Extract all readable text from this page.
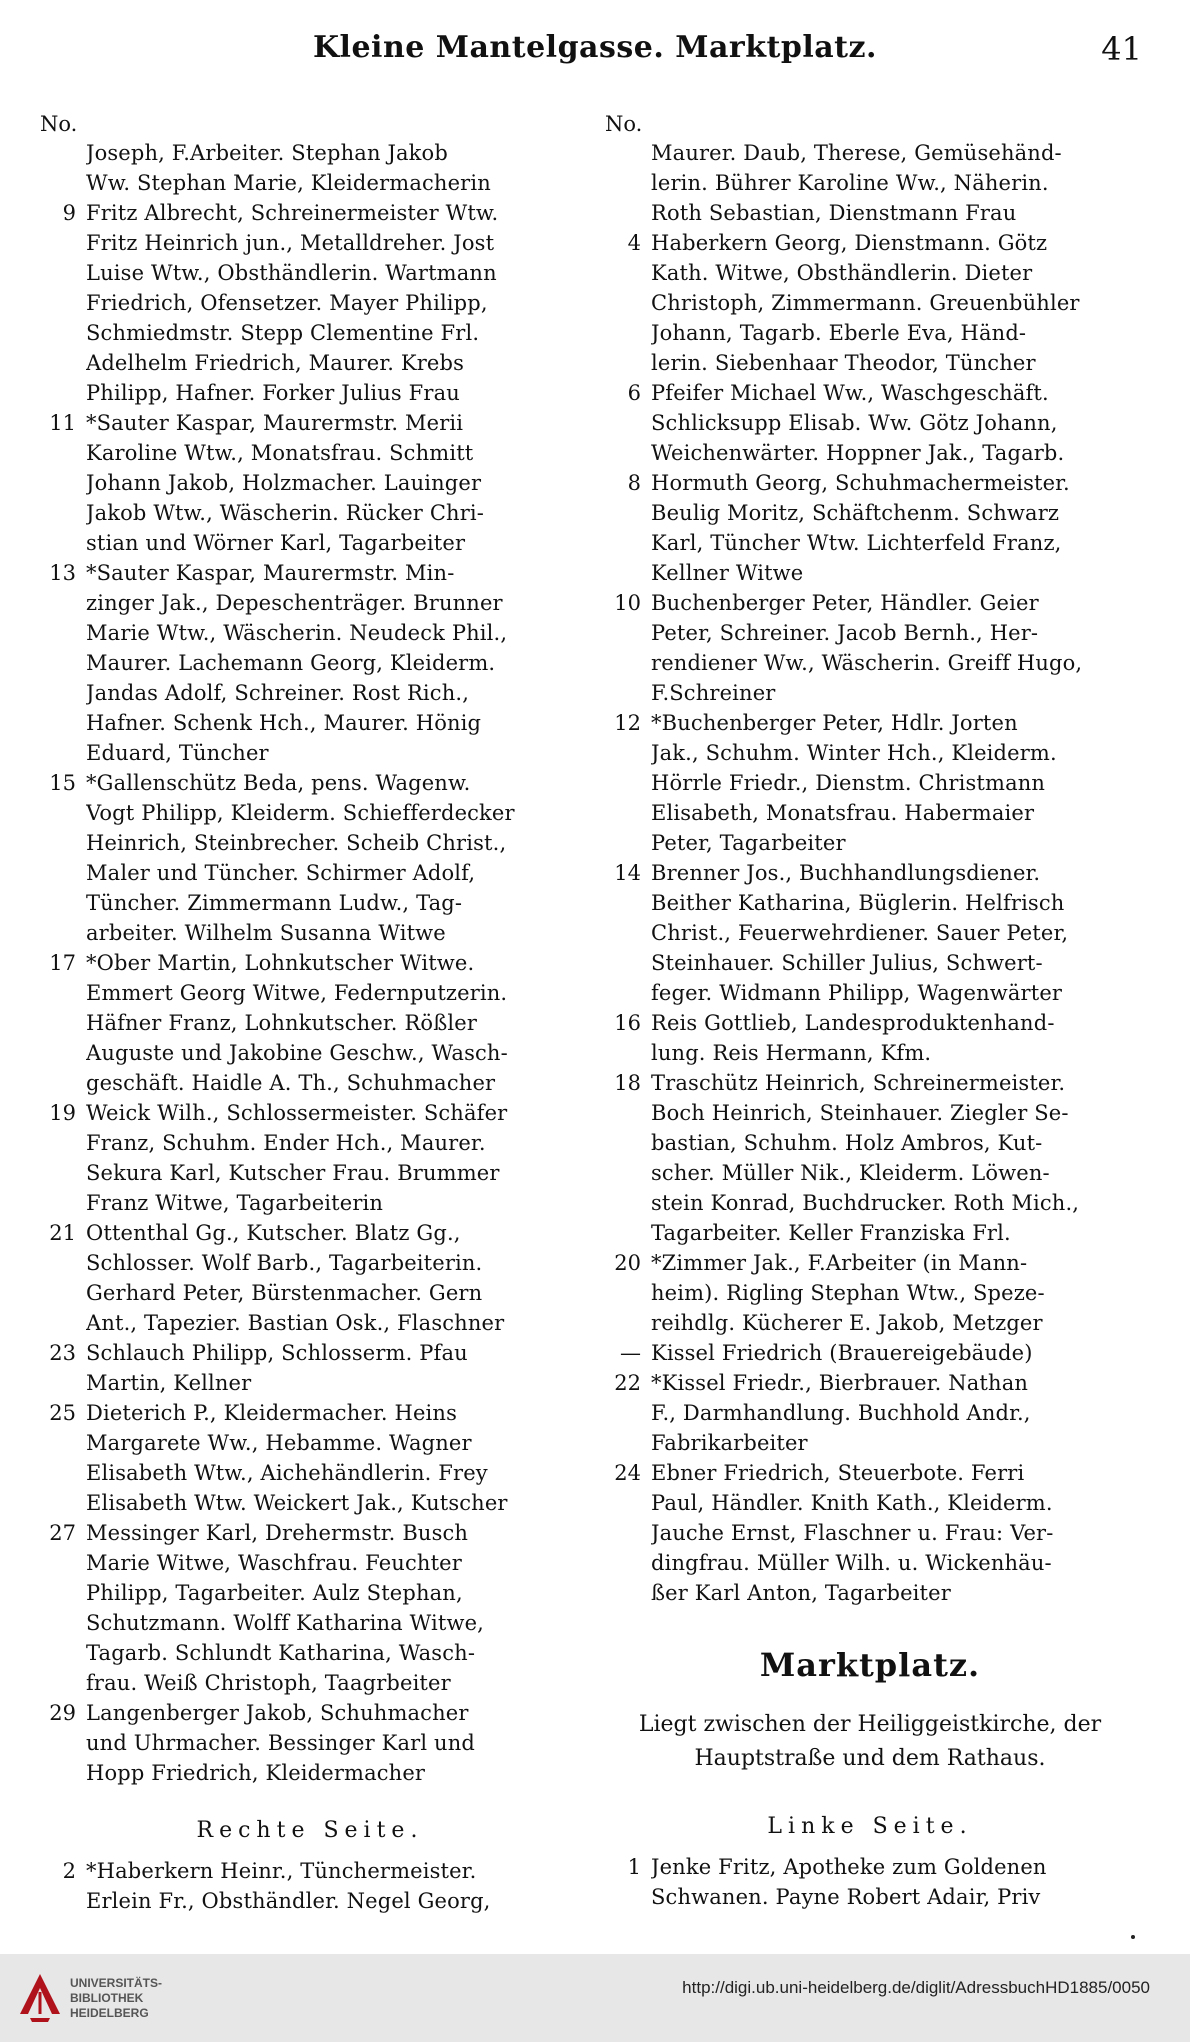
Kleine Mantelgasse. Marktplatz.	41
No.
Joseph, F.Arbeiter. Stephan Jakob
Ww. Stephan Marie, Kleidermacherin
9 Fritz Albrecht, Schreinermeister Wtw.
Fritz Heinrich jun., Metalldreher. Jost
Luise Wtw., Obsthändlerin. Wartmann
Friedrich, Ofensetzer. Mayer Philipp,
Schmiedmstr. Stepp Clementine Frl.
Adelhelm Friedrich, Maurer. Krebs
Philipp, Hafner. Forker Julius Frau
11 *Sauter Kaspar, Maurermstr. Merii
Karoline Wtw., Monatsfrau. Schmitt
Johann Jakob, Holzmacher. Lauinger
Jakob Wtw., Wäscherin. Rücker Chri-
stian und Wörner Karl, Tagarbeiter
13 *Sauter Kaspar, Maurermstr. Min-
zinger Jak., Depeschenträger. Brunner
Marie Wtw., Wäscherin. Neudeck Phil.,
Maurer. Lachemann Georg, Kleiderm.
Jandas Adolf, Schreiner. Rost Rich.,
Hafner. Schenk Hch., Maurer. Hönig
Eduard, Tüncher
15 *Gallenschütz Beda, pens. Wagenw.
Vogt Philipp, Kleiderm. Schiefferdecker
Heinrich, Steinbrecher. Scheib Christ.,
Maler und Tüncher. Schirmer Adolf,
Tüncher. Zimmermann Ludw., Tag-
arbeiter. Wilhelm Susanna Witwe
17 *Ober Martin, Lohnkutscher Witwe.
Emmert Georg Witwe, Federnputzerin.
Häfner Franz, Lohnkutscher. Rößler
Auguste und Jakobine Geschw., Wasch-
geschäft. Haidle A. Th., Schuhmacher
19 Weick Wilh., Schlossermeister. Schäfer
Franz, Schuhm. Ender Hch., Maurer.
Sekura Karl, Kutscher Frau. Brummer
Franz Witwe, Tagarbeiterin
21 Ottenthal Gg., Kutscher. Blatz Gg.,
Schlosser. Wolf Barb., Tagarbeiterin.
Gerhard Peter, Bürstenmacher. Gern
Ant., Tapezier. Bastian Osk., Flaschner
23 Schlauch Philipp, Schlosserm. Pfau
Martin, Kellner
25 Dieterich P., Kleidermacher. Heins
Margarete Ww., Hebamme. Wagner
Elisabeth Wtw., Aichehändlerin. Frey
Elisabeth Wtw. Weickert Jak., Kutscher
27 Messinger Karl, Drehermstr. Busch
Marie Witwe, Waschfrau. Feuchter
Philipp, Tagarbeiter. Aulz Stephan,
Schutzmann. Wolff Katharina Witwe,
Tagarb. Schlundt Katharina, Wasch-
frau. Weiß Christoph, Taagrbeiter
29 Langenberger Jakob, Schuhmacher
und Uhrmacher. Bessinger Karl und
Hopp Friedrich, Kleidermacher
Rechte Seite.
2 *Haberkern Heinr., Tünchermeister.
Erlein Fr., Obsthändler. Negel Georg,
No.
Maurer. Daub, Therese, Gemüsehänd-
lerin. Bührer Karoline Ww., Näherin.
Roth Sebastian, Dienstmann Frau
4 Haberkern Georg, Dienstmann. Götz
Kath. Witwe, Obsthändlerin. Dieter
Christoph, Zimmermann. Greuenbühler
Johann, Tagarb. Eberle Eva, Händ-
lerin. Siebenhaar Theodor, Tüncher
6 Pfeifer Michael Ww., Waschgeschäft.
Schlicksupp Elisab. Ww. Götz Johann,
Weichenwärter. Hoppner Jak., Tagarb.
8 Hormuth Georg, Schuhmachermeister.
Beulig Moritz, Schäftchenm. Schwarz
Karl, Tüncher Wtw. Lichterfeld Franz,
Kellner Witwe
10 Buchenberger Peter, Händler. Geier
Peter, Schreiner. Jacob Bernh., Her-
rendiener Ww., Wäscherin. Greiff Hugo,
F.Schreiner
12 *Buchenberger Peter, Hdlr. Jorten
Jak., Schuhm. Winter Hch., Kleiderm.
Hörrle Friedr., Dienstm. Christmann
Elisabeth, Monatsfrau. Habermaier
Peter, Tagarbeiter
14 Brenner Jos., Buchhandlungsdiener.
Beither Katharina, Büglerin. Helfrisch
Christ., Feuerwehrdiener. Sauer Peter,
Steinhauer. Schiller Julius, Schwert-
feger. Widmann Philipp, Wagenwärter
16 Reis Gottlieb, Landesproduktenhand-
lung. Reis Hermann, Kfm.
18 Traschütz Heinrich, Schreinermeister.
Boch Heinrich, Steinhauer. Ziegler Se-
bastian, Schuhm. Holz Ambros, Kut-
scher. Müller Nik., Kleiderm. Löwen-
stein Konrad, Buchdrucker. Roth Mich.,
Tagarbeiter. Keller Franziska Frl.
20 *Zimmer Jak., F.Arbeiter (in Mann-
heim). Rigling Stephan Wtw., Speze-
reihdlg. Kücherer E. Jakob, Metzger
— Kissel Friedrich (Brauereigebäude)
22 *Kissel Friedr., Bierbrauer. Nathan
F., Darmhandlung. Buchhold Andr.,
Fabrikarbeiter
24 Ebner Friedrich, Steuerbote. Ferri
Paul, Händler. Knith Kath., Kleiderm.
Jauche Ernst, Flaschner u. Frau: Ver-
dingfrau. Müller Wilh. u. Wickenhäu-
ßer Karl Anton, Tagarbeiter
Marktplatz.
Liegt zwischen der Heiliggeistkirche, der
Hauptstraße und dem Rathaus.
Linke Seite.
1 Jenke Fritz, Apotheke zum Goldenen
Schwanen. Payne Robert Adair, Priv
UNIVERSITÄTS-
BIBLIOTHEK
HEIDELBERG
http://digi.ub.uni-heidelberg.de/diglit/AdressbuchHD1885/0050
